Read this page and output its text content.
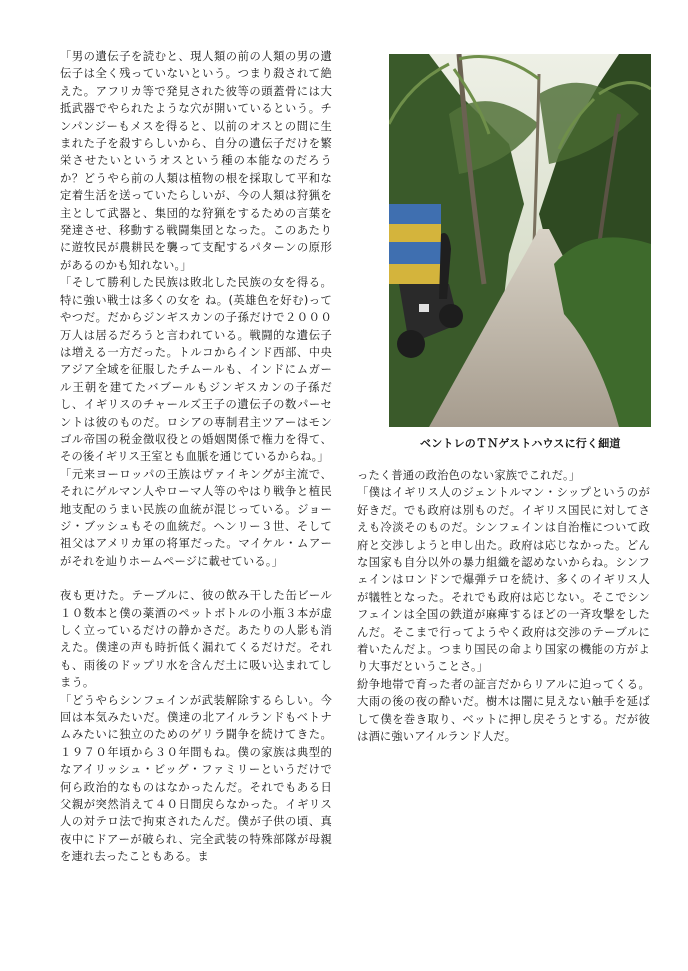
「男の遺伝子を読むと、現人類の前の人類の男の遺伝子は全く残っていないという。つまり殺されて絶えた。アフリカ等で発見された彼等の頭蓋骨には大抵武器でやられたような穴が開いているという。チンパンジーもメスを得ると、以前のオスとの間に生まれた子を殺すらしいから、自分の遺伝子だけを繁栄させたいというオスという種の本能なのだろうか？どうやら前の人類は植物の根を採取して平和な定着生活を送っていたらしいが、今の人類は狩猟を主として武器と、集団的な狩猟をするための言葉を発達させ、移動する戦闘集団となった。このあたりに遊牧民が農耕民を襲って支配するパターンの原形があるのかも知れない。」

「そして勝利した民族は敗北した民族の女を得る。特に強い戦士は多くの女を ね。(英雄色を好む)ってやつだ。だからジンギスカンの子孫だけで２０００万人は居るだろうと言われている。戦闘的な遺伝子は増える一方だった。トルコからインド西部、中央アジア全域を征服したチムールも、インドにムガール王朝を建てたバブールもジンギスカンの子孫だし、イギリスのチャールズ王子の遺伝子の数パーセントは彼のものだ。ロシアの専制君主ツアーはモンゴル帝国の税金徴収役との婚姻関係で権力を得て、その後イギリス王室とも血脈を通じているからね。」

「元来ヨーロッパの王族はヴァイキングが主流で、それにゲルマン人やローマ人等のやはり戦争と植民地支配のうまい民族の血統が混じっている。ジョージ・ブッシュもその血統だ。ヘンリー３世、そして祖父はアメリカ軍の将軍だった。マイケル・ムアーがそれを辿りホームページに載せている。」

夜も更けた。テーブルに、彼の飲み干した缶ビール１０数本と僕の薬酒のペットボトルの小瓶３本が虚しく立っているだけの静かさだ。あたりの人影も消えた。僕達の声も時折低く漏れてくるだけだ。それも、雨後のドップリ水を含んだ土に吸い込まれてしまう。

「どうやらシンフェインが武装解除するらしい。今回は本気みたいだ。僕達の北アイルランドもベトナムみたいに独立のためのゲリラ闘争を続けてきた。１９７０年頃から３０年間もね。僕の家族は典型的なアイリッシュ・ビッグ・ファミリーというだけで何ら政治的なものはなかったんだ。それでもある日父親が突然消えて４０日間戻らなかった。イギリス人の対テロ法で拘束されたんだ。僕が子供の頃、真夜中にドアーが破られ、完全武装の特殊部隊が母親を連れ去ったこともある。ま

ベントレのＴＮゲストハウスに行く細道

ったく普通の政治色のない家族でこれだ。」

「僕はイギリス人のジェントルマン・シップというのが好きだ。でも政府は別ものだ。イギリス国民に対してさえも冷淡そのものだ。シンフェインは自治権について政府と交渉しようと申し出た。政府は応じなかった。どんな国家も自分以外の暴力組織を認めないからね。シンフェインはロンドンで爆弾テロを続け、多くのイギリス人が犠牲となった。それでも政府は応じない。そこでシンフェインは全国の鉄道が麻痺するほどの一斉攻撃をしたんだ。そこまで行ってようやく政府は交渉のテーブルに着いたんだよ。つまり国民の命より国家の機能の方がより大事だということさ。」

紛争地帯で育った者の証言だからリアルに迫ってくる。大雨の後の夜の酔いだ。樹木は闇に見えない触手を延ばして僕を巻き取り、ベットに押し戻そうとする。だが彼は酒に強いアイルランド人だ。
